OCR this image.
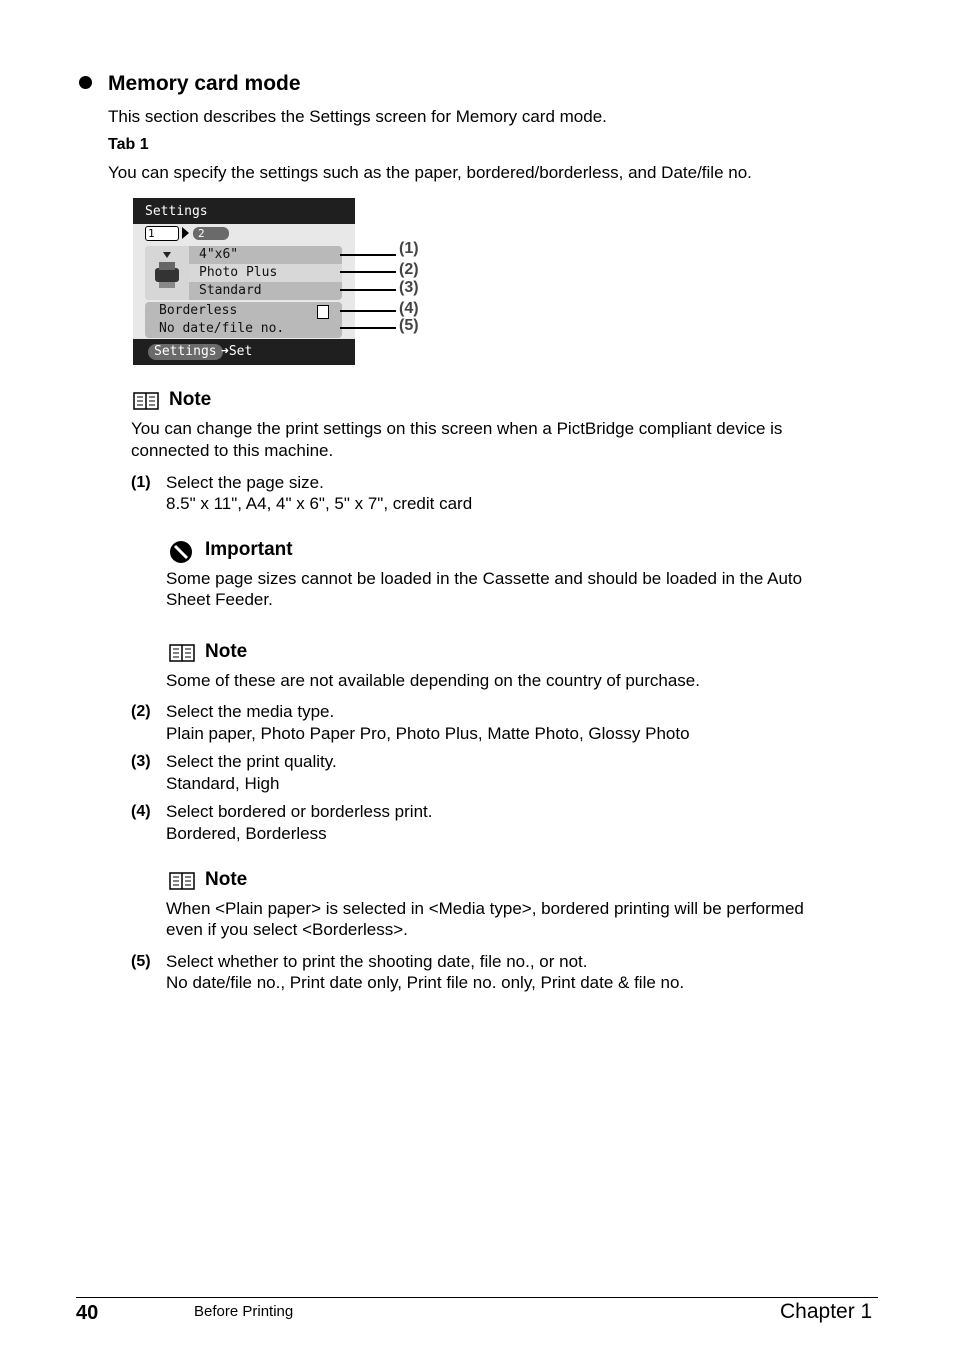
Memory card mode
This section describes the Settings screen for Memory card mode.
Tab 1
You can specify the settings such as the paper, bordered/borderless, and Date/file no.
Settings
1	2
4"x6"
Photo Plus
Standard
Borderless
No date/file no.
Settings ➜Set
(1)
(2)
(3)
(4)
(5)
Note
You can change the print settings on this screen when a PictBridge compliant device is
connected to this machine.
(1) Select the page size.
8.5" x 11", A4, 4" x 6", 5" x 7", credit card
Important
Some page sizes cannot be loaded in the Cassette and should be loaded in the Auto
Sheet Feeder.
Note
Some of these are not available depending on the country of purchase.
(2) Select the media type.
Plain paper, Photo Paper Pro, Photo Plus, Matte Photo, Glossy Photo
(3) Select the print quality.
Standard, High
(4) Select bordered or borderless print.
Bordered, Borderless
Note
When <Plain paper> is selected in <Media type>, bordered printing will be performed
even if you select <Borderless>.
(5) Select whether to print the shooting date, file no., or not.
No date/file no., Print date only, Print file no. only, Print date & file no.
40	Before Printing	Chapter 1
